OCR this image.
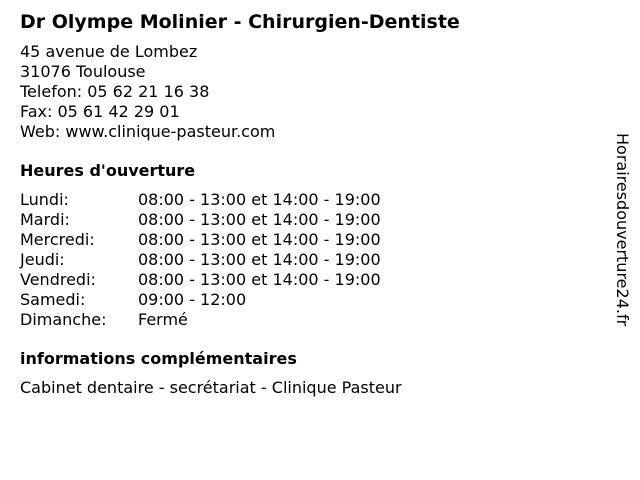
Dr Olympe Molinier - Chirurgien-Dentiste
45 avenue de Lombez
31076 Toulouse
Telefon: 05 62 21 16 38
Fax: 05 61 42 29 01
Web: www.clinique-pasteur.com
Heures d'ouverture
Lundi:	08:00 - 13:00 et 14:00 - 19:00
Mardi:	08:00 - 13:00 et 14:00 - 19:00
Mercredi:	08:00 - 13:00 et 14:00 - 19:00
Jeudi:	08:00 - 13:00 et 14:00 - 19:00
Vendredi:	08:00 - 13:00 et 14:00 - 19:00
Samedi:	09:00 - 12:00
Dimanche:	Fermé
informations complémentaires
Cabinet dentaire - secrétariat - Clinique Pasteur
Horairesdouverture24.fr
